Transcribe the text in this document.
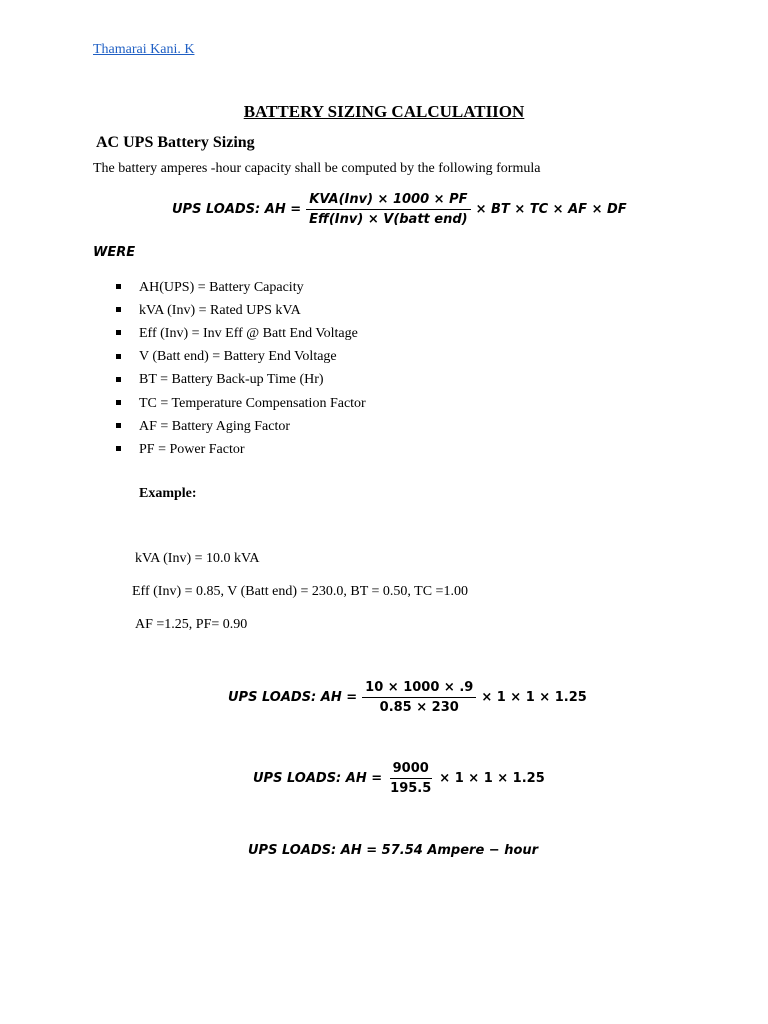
Thamarai Kani. K
BATTERY SIZING CALCULATIION
AC UPS Battery Sizing
The battery amperes -hour capacity shall be computed by the following formula
UPS LOADS: AH = $\frac{\text{KVA(Inv) × 1000 × PF}}{\text{Eff(Inv) × V(batt end)}}$ × BT × TC × AF × DF
WERE
AH(UPS) = Battery Capacity
kVA (Inv) = Rated UPS kVA
Eff (Inv) = Inv Eff @ Batt End Voltage
V (Batt end) = Battery End Voltage
BT = Battery Back-up Time (Hr)
TC = Temperature Compensation Factor
AF = Battery Aging Factor
PF = Power Factor
Example:
kVA (Inv) = 10.0 kVA
Eff (Inv) = 0.85, V (Batt end) = 230.0, BT = 0.50, TC =1.00
AF =1.25, PF= 0.90
UPS LOADS: AH = $\frac{10 \times 1000 \times .9}{0.85 \times 230} \times 1 \times 1 \times 1.25$
UPS LOADS: AH = $\frac{9000}{195.5} \times 1 \times 1 \times 1.25$
UPS LOADS: AH = 57.54 Ampere − hour
